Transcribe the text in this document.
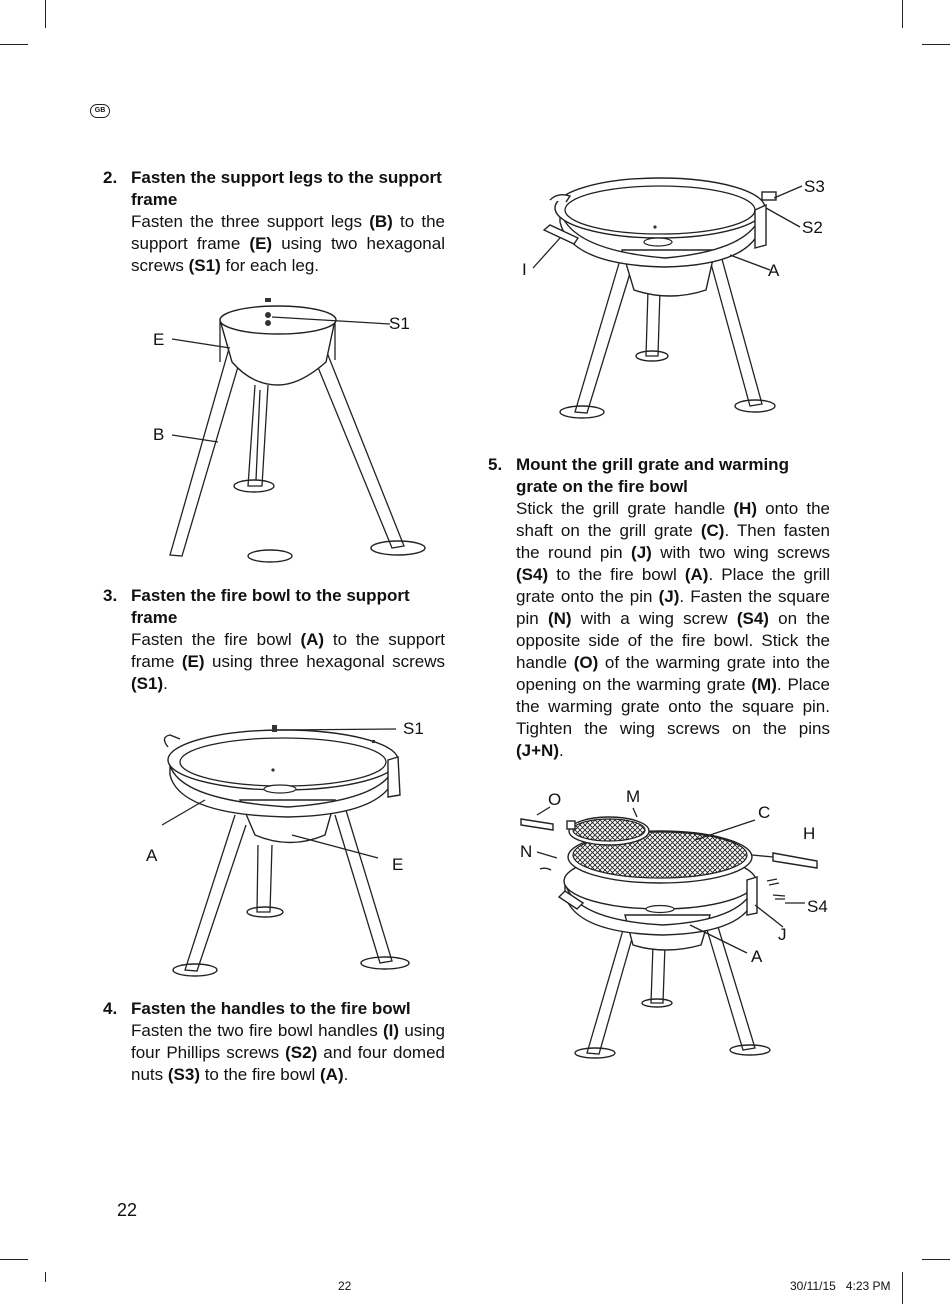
GB
2. Fasten the support legs to the support frame
Fasten the three support legs (B) to the support frame (E) using two hexagonal screws (S1) for each leg.
E
S1
B
3. Fasten the fire bowl to the support frame
Fasten the fire bowl (A) to the support frame (E) using three hexagonal screws (S1).
S1
A	E
4. Fasten the handles to the fire bowl
Fasten the two fire bowl handles (I) using four Phillips screws (S2) and four domed nuts (S3) to the fire bowl (A).
S3
S2
I	A
5. Mount the grill grate and warming grate on the fire bowl
Stick the grill grate handle (H) onto the shaft on the grill grate (C). Then fasten the round pin (J) with two wing screws (S4) to the fire bowl (A). Place the grill grate onto the pin (J). Fasten the square pin (N) with a wing screw (S4) on the opposite side of the fire bowl. Stick the handle (O) of the warming grate into the opening on the warming grate (M). Place the warming grate onto the square pin. Tighten the wing screws on the pins (J+N).
O	M
C
H
N
S4
J
A
22
22	30/11/15   4:23 PM
